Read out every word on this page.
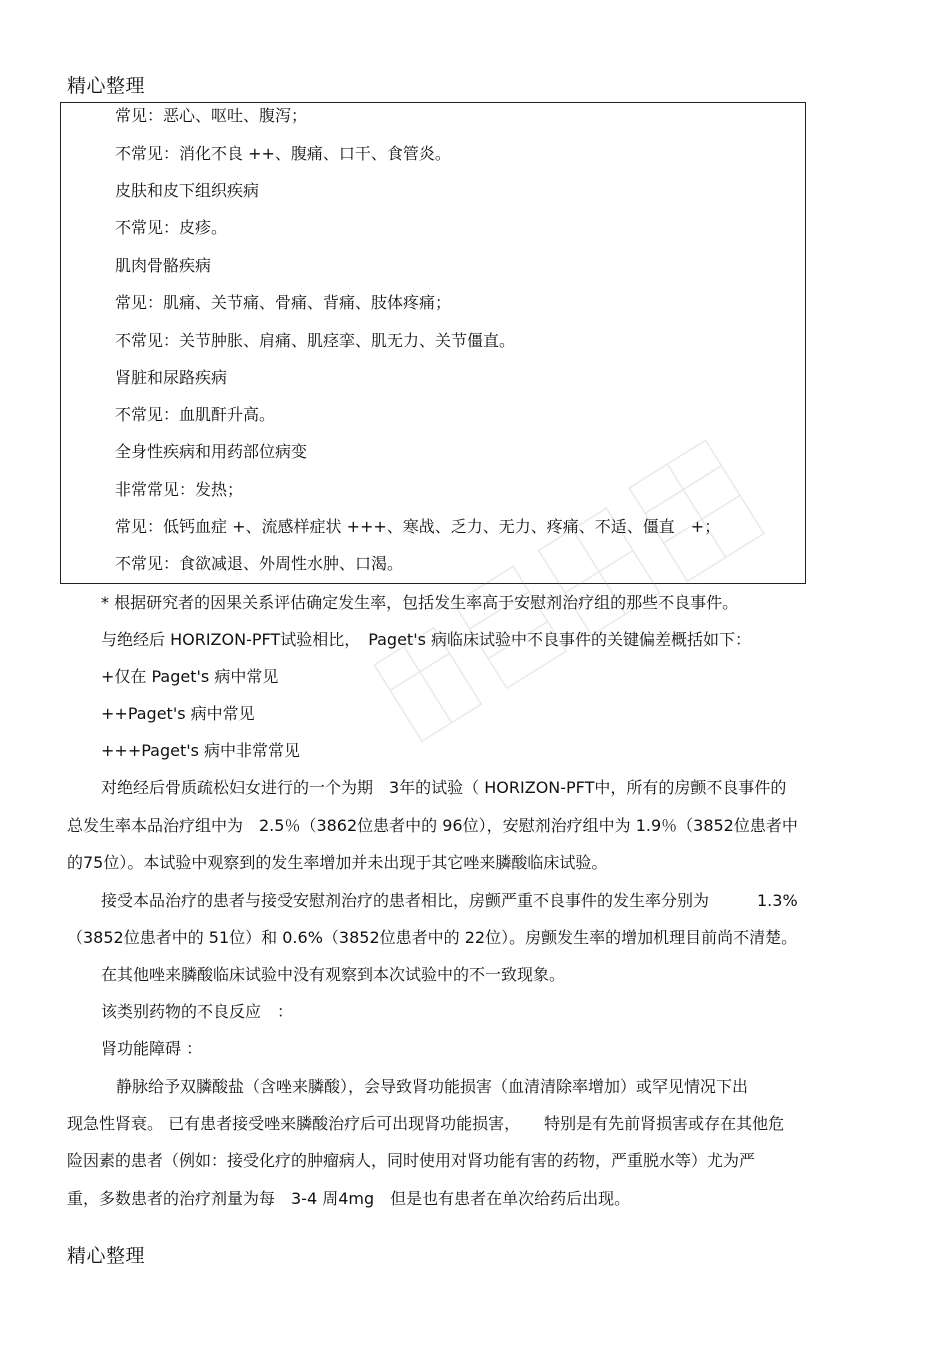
精心整理
常见：恶心、呕吐、腹泻；
不常见：消化不良 ++、腹痛、口干、食管炎。
皮肤和皮下组织疾病
不常见：皮疹。
肌肉骨骼疾病
常见：肌痛、关节痛、骨痛、背痛、肢体疼痛；
不常见：关节肿胀、肩痛、肌痉挛、肌无力、关节僵直。
肾脏和尿路疾病
不常见：血肌酐升高。
全身性疾病和用药部位病变
非常常见：发热；
常见：低钙血症 +、流感样症状 +++、寒战、乏力、无力、疼痛、不适、僵直　+；
不常见：食欲减退、外周性水肿、口渴。
* 根据研究者的因果关系评估确定发生率，包括发生率高于安慰剂治疗组的那些不良事件。
与绝经后 HORIZON-PFT试验相比，　Paget's 病临床试验中不良事件的关键偏差概括如下：
+仅在 Paget's 病中常见
++Paget's 病中常见
+++Paget's 病中非常常见
对绝经后骨质疏松妇女进行的一个为期　3年的试验（ HORIZON-PFT中，所有的房颤不良事件的
总发生率本品治疗组中为　2.5％（3862位患者中的 96位），安慰剂治疗组中为 1.9％（3852位患者中
的75位）。本试验中观察到的发生率增加并未出现于其它唑来膦酸临床试验。
接受本品治疗的患者与接受安慰剂治疗的患者相比，房颤严重不良事件的发生率分别为　　　1.3%
（3852位患者中的 51位）和 0.6%（3852位患者中的 22位）。房颤发生率的增加机理目前尚不清楚。
在其他唑来膦酸临床试验中没有观察到本次试验中的不一致现象。
该类别药物的不良反应　：
肾功能障碍 ：
静脉给予双膦酸盐（含唑来膦酸），会导致肾功能损害（血清清除率增加）或罕见情况下出
现急性肾衰。 已有患者接受唑来膦酸治疗后可出现肾功能损害，　　特别是有先前肾损害或存在其他危
险因素的患者（例如：接受化疗的肿瘤病人，同时使用对肾功能有害的药物，严重脱水等）尤为严
重，多数患者的治疗剂量为每　3-4 周4mg　但是也有患者在单次给药后出现。
精心整理
